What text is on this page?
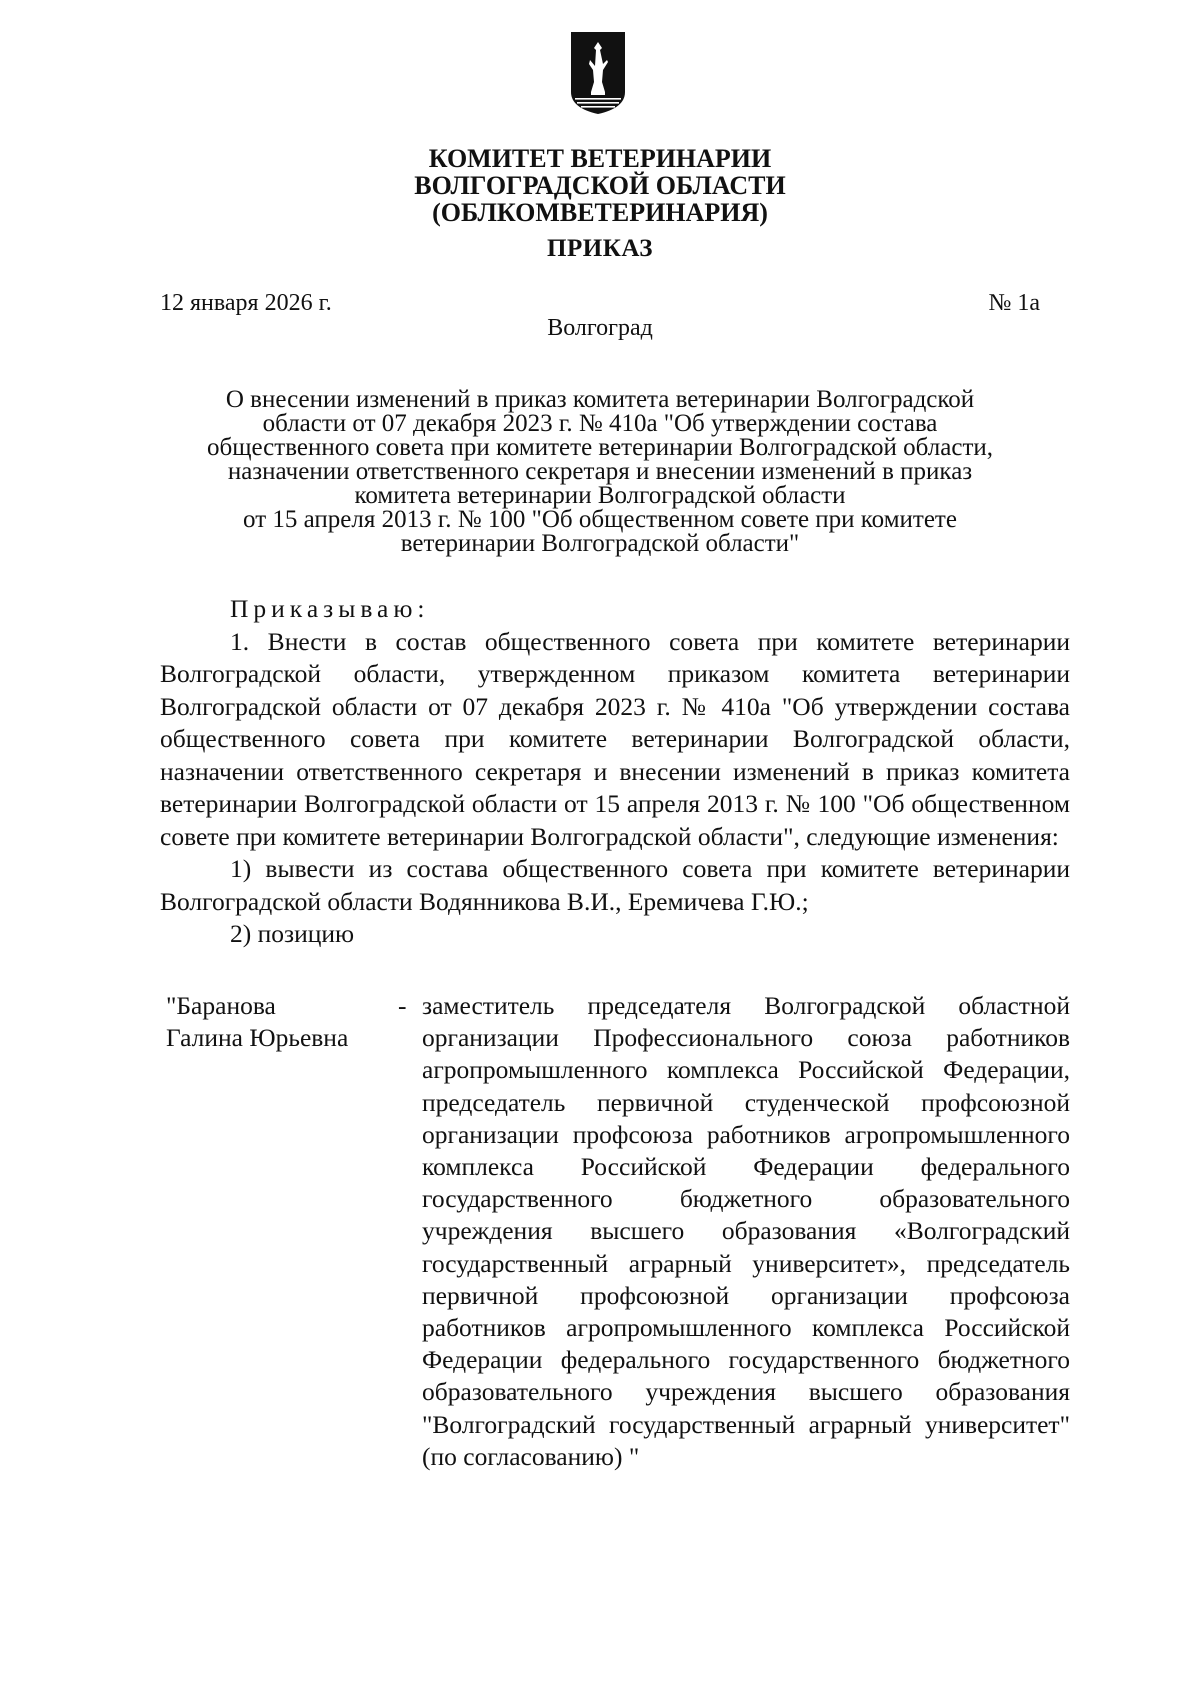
КОМИТЕТ ВЕТЕРИНАРИИ
ВОЛГОГРАДСКОЙ ОБЛАСТИ
(ОБЛКОМВЕТЕРИНАРИЯ)
ПРИКАЗ
12 января 2026 г.	№ 1а
Волгоград
О внесении изменений в приказ комитета ветеринарии Волгоградской
области от 07 декабря 2023 г. № 410а "Об утверждении состава
общественного совета при комитете ветеринарии Волгоградской области,
назначении ответственного секретаря и внесении изменений в приказ
комитета ветеринарии Волгоградской области
от 15 апреля 2013 г. № 100 "Об общественном совете при комитете
ветеринарии Волгоградской области"

Приказываю:

1. Внести в состав общественного совета при комитете ветеринарии Волгоградской области, утвержденном приказом комитета ветеринарии Волгоградской области от 07 декабря 2023 г. № 410а "Об утверждении состава общественного совета при комитете ветеринарии Волгоградской области, назначении ответственного секретаря и внесении изменений в приказ комитета ветеринарии Волгоградской области от 15 апреля 2013 г. № 100 "Об общественном совете при комитете ветеринарии Волгоградской области", следующие изменения:

1) вывести из состава общественного совета при комитете ветеринарии Волгоградской области Водянникова В.И., Еремичева Г.Ю.;

2) позицию

"Баранова
Галина Юрьевна
- заместитель председателя Волгоградской областной организации Профессионального союза работников агропромышленного комплекса Российской Федерации, председатель первичной студенческой профсоюзной организации профсоюза работников агропромышленного комплекса Российской Федерации федерального государственного бюджетного образовательного учреждения высшего образования «Волгоградский государственный аграрный университет», председатель первичной профсоюзной организации профсоюза работников агропромышленного комплекса Российской Федерации федерального государственного бюджетного образовательного учреждения высшего образования "Волгоградский государственный аграрный университет" (по согласованию) "
